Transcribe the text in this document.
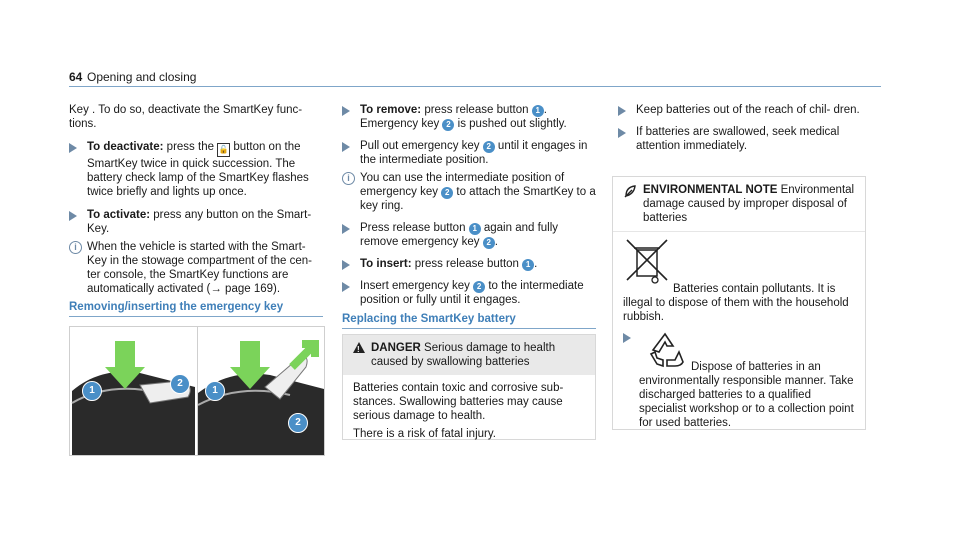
64 Opening and closing

Key . To do so, deactivate the SmartKey func- tions.

To deactivate: press the 🔓 button on the SmartKey twice in quick succession. The battery check lamp of the SmartKey flashes twice briefly and lights up once.
To activate: press any button on the Smart- Key.
i When the vehicle is started with the Smart- Key in the stowage compartment of the cen- ter console, the SmartKey functions are automatically activated (→ page 169).
Removing/inserting the emergency key
1
2
1
2
To remove: press release button 1 . Emergency key 2 is pushed out slightly.
Pull out emergency key 2 until it engages in the intermediate position.
i You can use the intermediate position of emergency key 2 to attach the SmartKey to a key ring.
Press release button 1 again and fully remove emergency key 2 .
To insert: press release button 1 .
Insert emergency key 2 to the intermediate position or fully until it engages.
Replacing the SmartKey battery
!
DANGER Serious damage to health caused by swallowing batteries

Batteries contain toxic and corrosive sub- stances. Swallowing batteries may cause serious damage to health.

There is a risk of fatal injury.

Keep batteries out of the reach of chil- dren.
If batteries are swallowed, seek medical attention immediately.
ENVIRONMENTAL NOTE Environmental damage caused by improper disposal of batteries

Batteries contain pollutants. It is illegal to dispose of them with the household rubbish.

Dispose of batteries in an environmentally responsible manner. Take discharged batteries to a qualified specialist workshop or to a collection point for used batteries.
